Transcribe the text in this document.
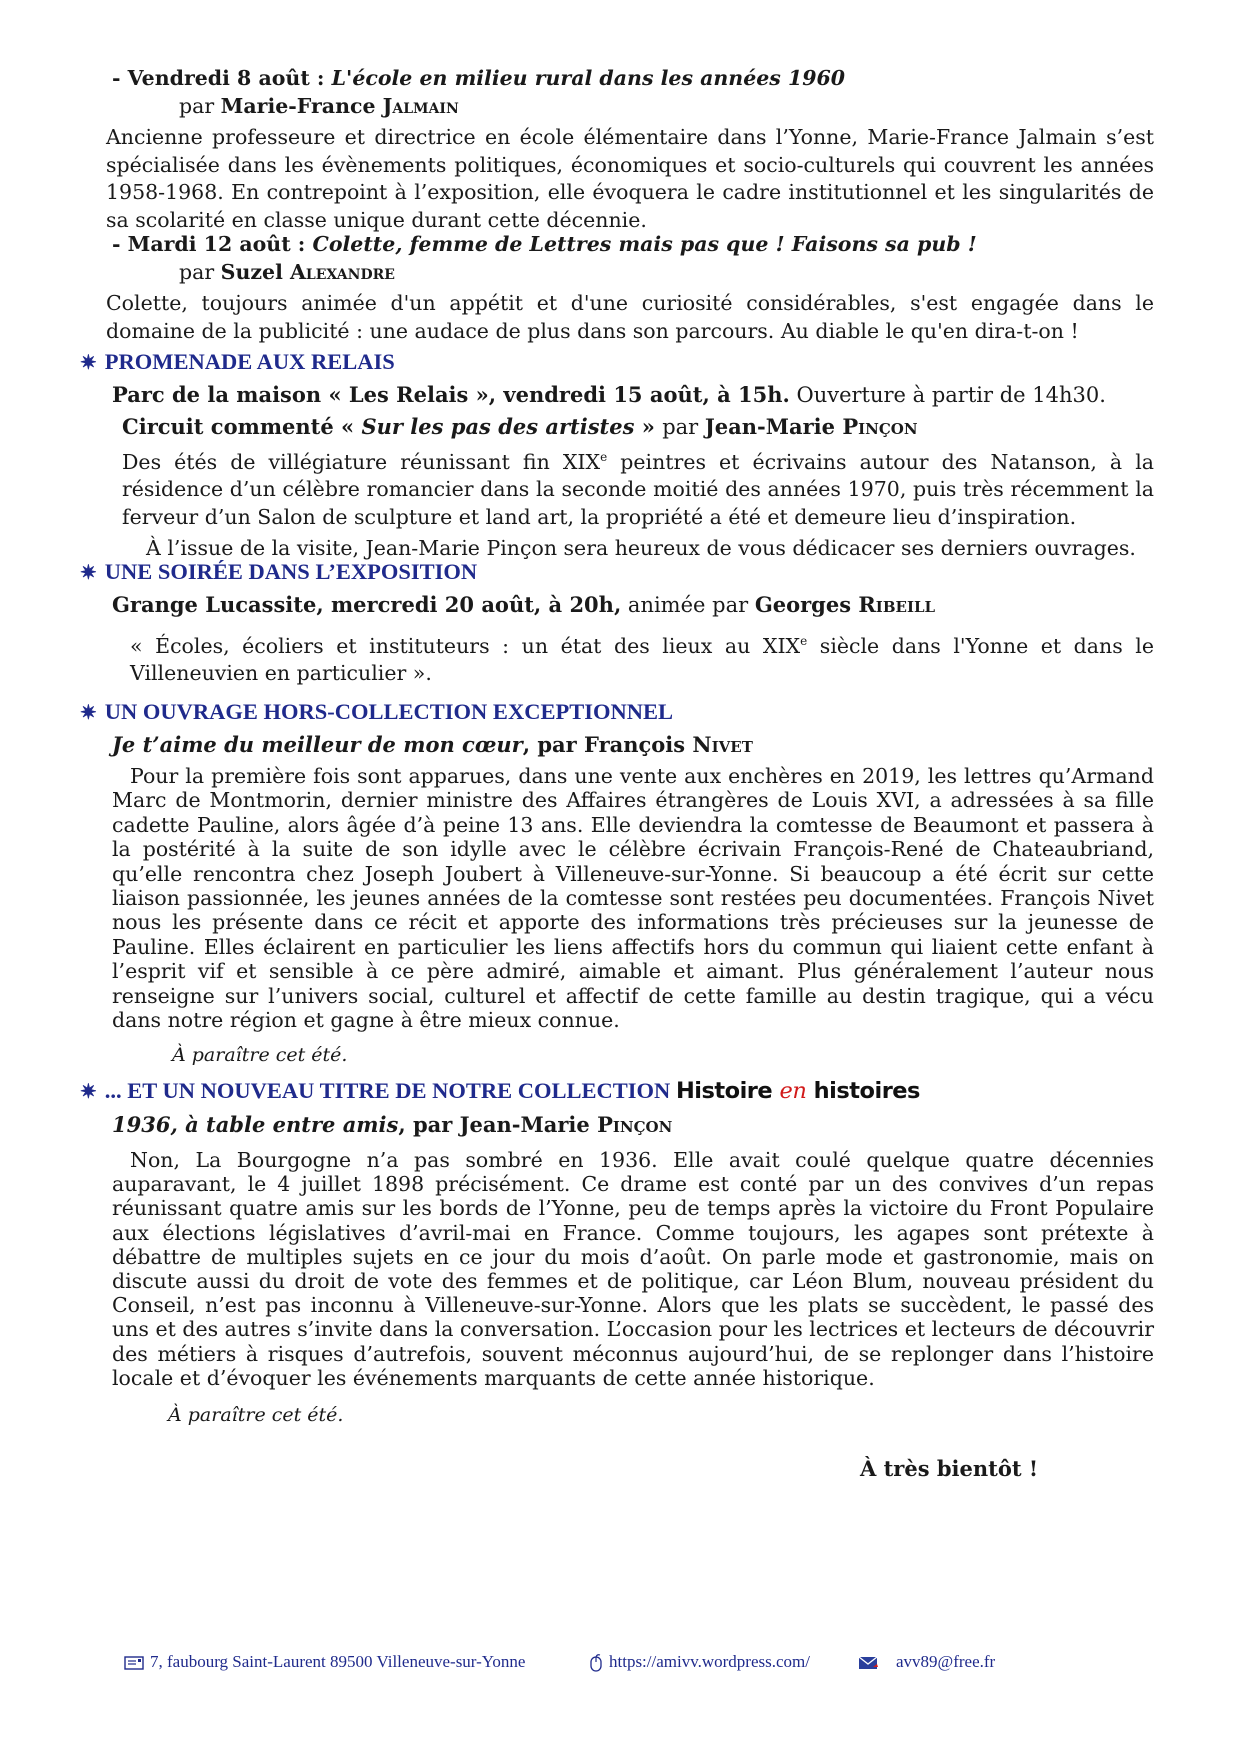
- Vendredi 8 août : L'école en milieu rural dans les années 1960
par Marie-France Jalmain
Ancienne professeure et directrice en école élémentaire dans l’Yonne, Marie-France Jalmain s’est spécialisée dans les évènements politiques, économiques et socio-culturels qui couvrent les années 1958-1968. En contrepoint à l’exposition, elle évoquera le cadre institutionnel et les singularités de sa scolarité en classe unique durant cette décennie.
- Mardi 12 août : Colette, femme de Lettres mais pas que ! Faisons sa pub !
par Suzel Alexandre
Colette, toujours animée d'un appétit et d'une curiosité considérables, s'est engagée dans le domaine de la publicité : une audace de plus dans son parcours. Au diable le qu'en dira-t-on !
✷ PROMENADE AUX RELAIS
Parc de la maison « Les Relais », vendredi 15 août, à 15h. Ouverture à partir de 14h30.
Circuit commenté « Sur les pas des artistes » par Jean-Marie Pinçon
Des étés de villégiature réunissant fin XIXe peintres et écrivains autour des Natanson, à la résidence d’un célèbre romancier dans la seconde moitié des années 1970, puis très récemment la ferveur d’un Salon de sculpture et land art, la propriété a été et demeure lieu d’inspiration.
À l’issue de la visite, Jean-Marie Pinçon sera heureux de vous dédicacer ses derniers ouvrages.
✷ UNE SOIRÉE DANS L’EXPOSITION
Grange Lucassite, mercredi 20 août, à 20h, animée par Georges Ribeill
« Écoles, écoliers et instituteurs : un état des lieux au XIXe siècle dans l'Yonne et dans le Villeneuvien en particulier ».
✷ UN OUVRAGE HORS-COLLECTION EXCEPTIONNEL
Je t’aime du meilleur de mon cœur, par François Nivet
Pour la première fois sont apparues, dans une vente aux enchères en 2019, les lettres qu’Armand Marc de Montmorin, dernier ministre des Affaires étrangères de Louis XVI, a adressées à sa fille cadette Pauline, alors âgée d’à peine 13 ans. Elle deviendra la comtesse de Beaumont et passera à la postérité à la suite de son idylle avec le célèbre écrivain François-René de Chateaubriand, qu’elle rencontra chez Joseph Joubert à Villeneuve-sur-Yonne. Si beaucoup a été écrit sur cette liaison passionnée, les jeunes années de la comtesse sont restées peu documentées. François Nivet nous les présente dans ce récit et apporte des informations très précieuses sur la jeunesse de Pauline. Elles éclairent en particulier les liens affectifs hors du commun qui liaient cette enfant à l’esprit vif et sensible à ce père admiré, aimable et aimant. Plus généralement l’auteur nous renseigne sur l’univers social, culturel et affectif de cette famille au destin tragique, qui a vécu dans notre région et gagne à être mieux connue.
À paraître cet été.
✷ ... ET UN NOUVEAU TITRE DE NOTRE COLLECTION Histoire en histoires
1936, à table entre amis, par Jean-Marie Pinçon
Non, La Bourgogne n’a pas sombré en 1936. Elle avait coulé quelque quatre décennies auparavant, le 4 juillet 1898 précisément. Ce drame est conté par un des convives d’un repas réunissant quatre amis sur les bords de l’Yonne, peu de temps après la victoire du Front Populaire aux élections législatives d’avril-mai en France. Comme toujours, les agapes sont prétexte à débattre de multiples sujets en ce jour du mois d’août. On parle mode et gastronomie, mais on discute aussi du droit de vote des femmes et de politique, car Léon Blum, nouveau président du Conseil, n’est pas inconnu à Villeneuve-sur-Yonne. Alors que les plats se succèdent, le passé des uns et des autres s’invite dans la conversation. L’occasion pour les lectrices et lecteurs de découvrir des métiers à risques d’autrefois, souvent méconnus aujourd’hui, de se replonger dans l’histoire locale et d’évoquer les événements marquants de cette année historique.
À paraître cet été.
À très bientôt !
7, faubourg Saint-Laurent 89500 Villeneuve-sur-Yonne	https://amivv.wordpress.com/	avv89@free.fr
